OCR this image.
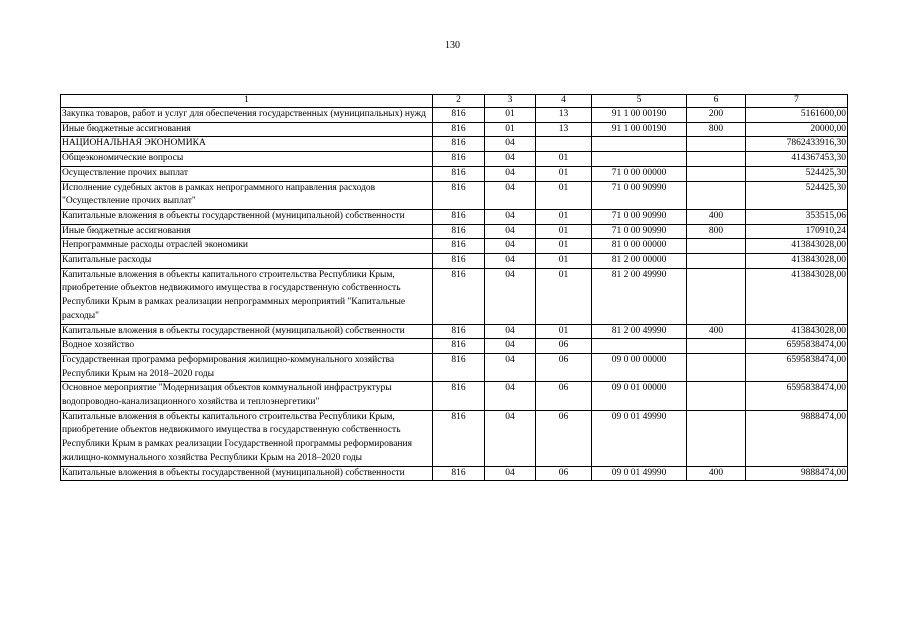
130
1	2	3	4	5	6	7
Закупка товаров, работ и услуг для обеспечения государственных (муниципальных) нужд	816	01	13	91 1 00 00190	200	5161600,00
Иные бюджетные ассигнования	816	01	13	91 1 00 00190	800	20000,00
НАЦИОНАЛЬНАЯ ЭКОНОМИКА	816	04				7862433916,30
Общеэкономические вопросы	816	04	01			414367453,30
Осуществление прочих выплат	816	04	01	71 0 00 00000		524425,30
Исполнение судебных актов в рамках непрограммного направления расходов "Осуществление прочих выплат"	816	04	01	71 0 00 90990		524425,30
Капитальные вложения в объекты государственной (муниципальной) собственности	816	04	01	71 0 00 90990	400	353515,06
Иные бюджетные ассигнования	816	04	01	71 0 00 90990	800	170910,24
Непрограммные расходы отраслей экономики	816	04	01	81 0 00 00000		413843028,00
Капитальные расходы	816	04	01	81 2 00 00000		413843028,00
Капитальные вложения в объекты капитального строительства Республики Крым, приобретение объектов недвижимого имущества в государственную собственность Республики Крым в рамках реализации непрограммных мероприятий "Капитальные расходы"	816	04	01	81 2 00 49990		413843028,00
Капитальные вложения в объекты государственной (муниципальной) собственности	816	04	01	81 2 00 49990	400	413843028,00
Водное хозяйство	816	04	06			6595838474,00
Государственная программа реформирования жилищно-коммунального хозяйства Республики Крым на 2018–2020 годы	816	04	06	09 0 00 00000		6595838474,00
Основное мероприятие "Модернизация объектов коммунальной инфраструктуры водопроводно-канализационного хозяйства и теплоэнергетики"	816	04	06	09 0 01 00000		6595838474,00
Капитальные вложения в объекты капитального строительства Республики Крым, приобретение объектов недвижимого имущества в государственную собственность Республики Крым в рамках реализации Государственной программы реформирования жилищно-коммунального хозяйства Республики Крым на 2018–2020 годы	816	04	06	09 0 01 49990		9888474,00
Капитальные вложения в объекты государственной (муниципальной) собственности	816	04	06	09 0 01 49990	400	9888474,00
